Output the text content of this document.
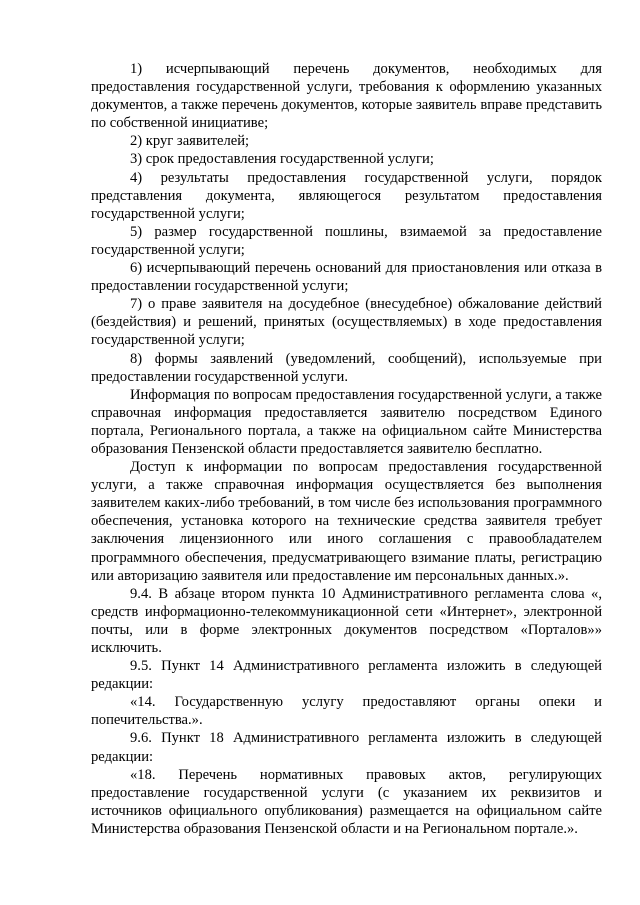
1) исчерпывающий перечень документов, необходимых для предоставления государственной услуги, требования к оформлению указанных документов, а также перечень документов, которые заявитель вправе представить по собственной инициативе;

2) круг заявителей;

3) срок предоставления государственной услуги;

4) результаты предоставления государственной услуги, порядок представления документа, являющегося результатом предоставления государственной услуги;

5) размер государственной пошлины, взимаемой за предоставление государственной услуги;

6) исчерпывающий перечень оснований для приостановления или отказа в предоставлении государственной услуги;

7) о праве заявителя на досудебное (внесудебное) обжалование действий (бездействия) и решений, принятых (осуществляемых) в ходе предоставления государственной услуги;

8) формы заявлений (уведомлений, сообщений), используемые при предоставлении государственной услуги.

Информация по вопросам предоставления государственной услуги, а также справочная информация предоставляется заявителю посредством Единого портала, Регионального портала, а также на официальном сайте Министерства образования Пензенской области предоставляется заявителю бесплатно.

Доступ к информации по вопросам предоставления государственной услуги, а также справочная информация осуществляется без выполнения заявителем каких-либо требований, в том числе без использования программного обеспечения, установка которого на технические средства заявителя требует заключения лицензионного или иного соглашения с правообладателем программного обеспечения, предусматривающего взимание платы, регистрацию или авторизацию заявителя или предоставление им персональных данных.».

9.4. В абзаце втором пункта 10 Административного регламента слова «, средств информационно-телекоммуникационной сети «Интернет», электронной почты, или в форме электронных документов посредством «Порталов»» исключить.

9.5. Пункт 14 Административного регламента изложить в следующей редакции:

«14. Государственную услугу предоставляют органы опеки и попечительства.».

9.6. Пункт 18 Административного регламента изложить в следующей редакции:

«18. Перечень нормативных правовых актов, регулирующих предоставление государственной услуги (с указанием их реквизитов и источников официального опубликования) размещается на официальном сайте Министерства образования Пензенской области и на Региональном портале.».
